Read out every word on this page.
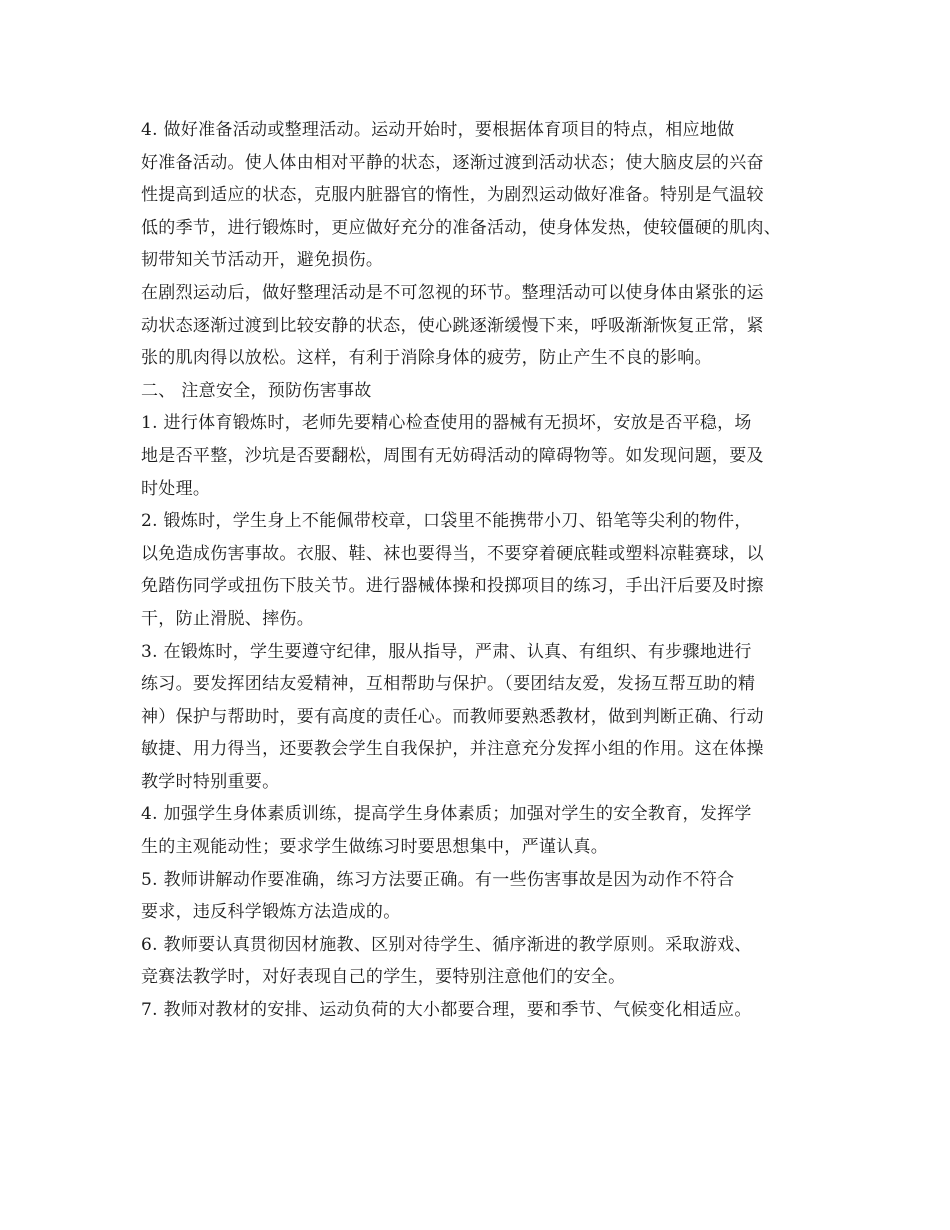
4. 做好准备活动或整理活动。运动开始时，要根据体育项目的特点，相应地做
好准备活动。使人体由相对平静的状态，逐渐过渡到活动状态；使大脑皮层的兴奋
性提高到适应的状态，克服内脏器官的惰性，为剧烈运动做好准备。特别是气温较
低的季节，进行锻炼时，更应做好充分的准备活动，使身体发热，使较僵硬的肌肉、
韧带知关节活动开，避免损伤。
在剧烈运动后，做好整理活动是不可忽视的环节。整理活动可以使身体由紧张的运
动状态逐渐过渡到比较安静的状态，使心跳逐渐缓慢下来，呼吸渐渐恢复正常，紧
张的肌肉得以放松。这样，有利于消除身体的疲劳，防止产生不良的影响。
二、 注意安全，预防伤害事故
1. 进行体育锻炼时，老师先要精心检查使用的器械有无损坏，安放是否平稳，场
地是否平整，沙坑是否要翻松，周围有无妨碍活动的障碍物等。如发现问题，要及
时处理。
2. 锻炼时，学生身上不能佩带校章，口袋里不能携带小刀、铅笔等尖利的物件，
以免造成伤害事故。衣服、鞋、袜也要得当，不要穿着硬底鞋或塑料凉鞋赛球，以
免踏伤同学或扭伤下肢关节。进行器械体操和投掷项目的练习，手出汗后要及时擦
干，防止滑脱、摔伤。
3. 在锻炼时，学生要遵守纪律，服从指导，严肃、认真、有组织、有步骤地进行
练习。要发挥团结友爱精神，互相帮助与保护。（要团结友爱，发扬互帮互助的精
神）保护与帮助时，要有高度的责任心。而教师要熟悉教材，做到判断正确、行动
敏捷、用力得当，还要教会学生自我保护，并注意充分发挥小组的作用。这在体操
教学时特别重要。
4. 加强学生身体素质训练，提高学生身体素质；加强对学生的安全教育，发挥学
生的主观能动性；要求学生做练习时要思想集中，严谨认真。
5. 教师讲解动作要准确，练习方法要正确。有一些伤害事故是因为动作不符合
要求，违反科学锻炼方法造成的。
6. 教师要认真贯彻因材施教、区别对待学生、循序渐进的教学原则。采取游戏、
竞赛法教学时，对好表现自己的学生，要特别注意他们的安全。
7. 教师对教材的安排、运动负荷的大小都要合理，要和季节、气候变化相适应。
